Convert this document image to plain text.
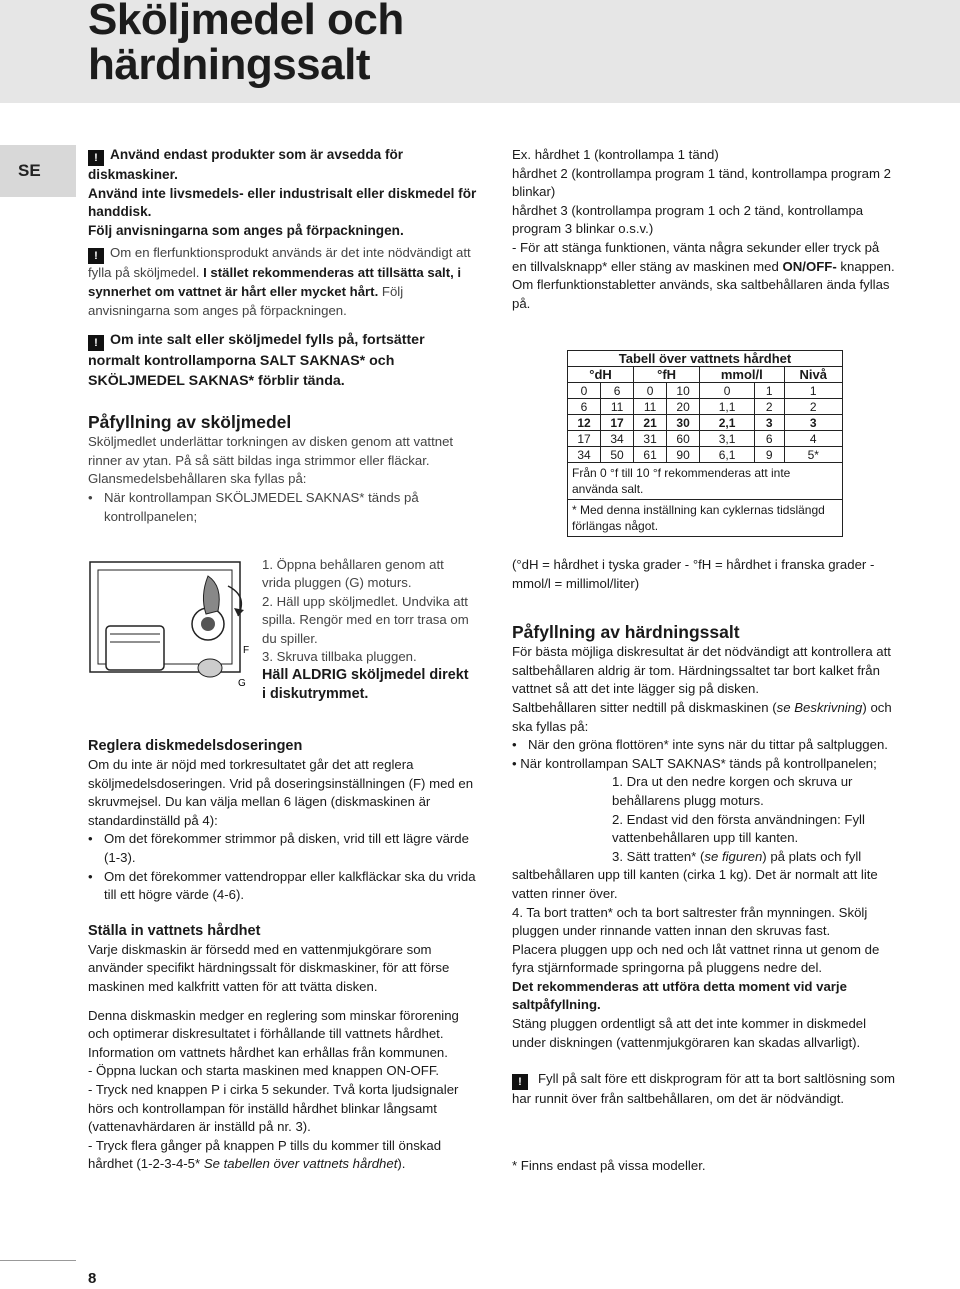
Sköljmedel och
härdningssalt
SE

! Använd endast produkter som är avsedda för diskmaskiner.

Använd inte livsmedels- eller industrisalt eller diskmedel för handdisk.

Följ anvisningarna som anges på förpackningen.

! Om en flerfunktionsprodukt används är det inte nödvändigt att fylla på sköljmedel. I stället rekommenderas att tillsätta salt, i synnerhet om vattnet är hårt eller mycket hårt. Följ anvisningarna som anges på förpackningen.

! Om inte salt eller sköljmedel fylls på, fortsätter normalt kontrollamporna SALT SAKNAS* och SKÖLJMEDEL SAKNAS* förblir tända.

Påfyllning av sköljmedel

Sköljmedlet underlättar torkningen av disken genom att vattnet rinner av ytan. På så sätt bildas inga strimmor eller fläckar.

Glansmedelsbehållaren ska fyllas på:

• När kontrollampan SKÖLJMEDEL SAKNAS* tänds på kontrollpanelen;

F
G

1. Öppna behållaren genom att vrida pluggen (G) moturs.

2. Häll upp sköljmedlet. Undvika att spilla. Rengör med en torr trasa om du spiller.

3. Skruva tillbaka pluggen.

Häll ALDRIG sköljmedel direkt i diskutrymmet.

Reglera diskmedelsdoseringen

Om du inte är nöjd med torkresultatet går det att reglera sköljmedelsdoseringen. Vrid på doseringsinställningen (F) med en skruvmejsel. Du kan välja mellan 6 lägen (diskmaskinen är standardinställd på 4):

• Om det förekommer strimmor på disken, vrid till ett lägre värde (1-3).

• Om det förekommer vattendroppar eller kalkfläckar ska du vrida till ett högre värde (4-6).

Ställa in vattnets hårdhet

Varje diskmaskin är försedd med en vattenmjukgörare som använder specifikt härdningssalt för diskmaskiner, för att förse maskinen med kalkfritt vatten för att tvätta disken.

Denna diskmaskin medger en reglering som minskar förorening och optimerar diskresultatet i förhållande till vattnets hårdhet. Information om vattnets hårdhet kan erhållas från kommunen.

- Öppna luckan och starta maskinen med knappen ON-OFF.

- Tryck ned knappen P i cirka 5 sekunder. Två korta ljudsignaler hörs och kontrollampan för inställd hårdhet blinkar långsamt (vattenavhärdaren är inställd på nr. 3).

- Tryck flera gånger på knappen P tills du kommer till önskad hårdhet (1-2-3-4-5* Se tabellen över vattnets hårdhet).

Ex. hårdhet 1 (kontrollampa 1 tänd)

hårdhet 2 (kontrollampa program 1 tänd, kontrollampa program 2 blinkar)

hårdhet 3 (kontrollampa program 1 och 2 tänd, kontrollampa program 3 blinkar o.s.v.)

- För att stänga funktionen, vänta några sekunder eller tryck på en tillvalsknapp* eller stäng av maskinen med ON/OFF- knappen.

Om flerfunktionstabletter används, ska saltbehållaren ända fyllas på.

Tabell över vattnets hårdhet						
°dH		°fH		mmol/l		Nivå
0	6	0	10	0	1	1
6	11	11	20	1,1	2	2
12	17	21	30	2,1	3	3
17	34	31	60	3,1	6	4
34	50	61	90	6,1	9	5*
Från 0 °f till 10 °f rekommenderas att inte använda salt.
* Med denna inställning kan cyklernas tidslängd förlängas något.

(°dH = hårdhet i tyska grader - °fH = hårdhet i franska grader - mmol/l = millimol/liter)

Påfyllning av härdningssalt

För bästa möjliga diskresultat är det nödvändigt att kontrollera att saltbehållaren aldrig är tom. Härdningssaltet tar bort kalket från vattnet så att det inte lägger sig på disken.

Saltbehållaren sitter nedtill på diskmaskinen (se Beskrivning) och ska fyllas på:

• När den gröna flottören* inte syns när du tittar på saltpluggen.

• När kontrollampan SALT SAKNAS* tänds på kontrollpanelen;

1. Dra ut den nedre korgen och skruva ur behållarens plugg moturs.

2. Endast vid den första användningen: Fyll vattenbehållaren upp till kanten.

3. Sätt tratten* (se figuren) på plats och fyll saltbehållaren upp till kanten (cirka 1 kg). Det är normalt att lite vatten rinner över.

4. Ta bort tratten* och ta bort saltrester från mynningen. Skölj pluggen under rinnande vatten innan den skruvas fast.

Placera pluggen upp och ned och låt vattnet rinna ut genom de fyra stjärnformade springorna på pluggens nedre del.

Det rekommenderas att utföra detta moment vid varje saltpåfyllning.

Stäng pluggen ordentligt så att det inte kommer in diskmedel under diskningen (vattenmjukgöraren kan skadas allvarligt).

! Fyll på salt före ett diskprogram för att ta bort saltlösning som har runnit över från saltbehållaren, om det är nödvändigt.

* Finns endast på vissa modeller.

8
